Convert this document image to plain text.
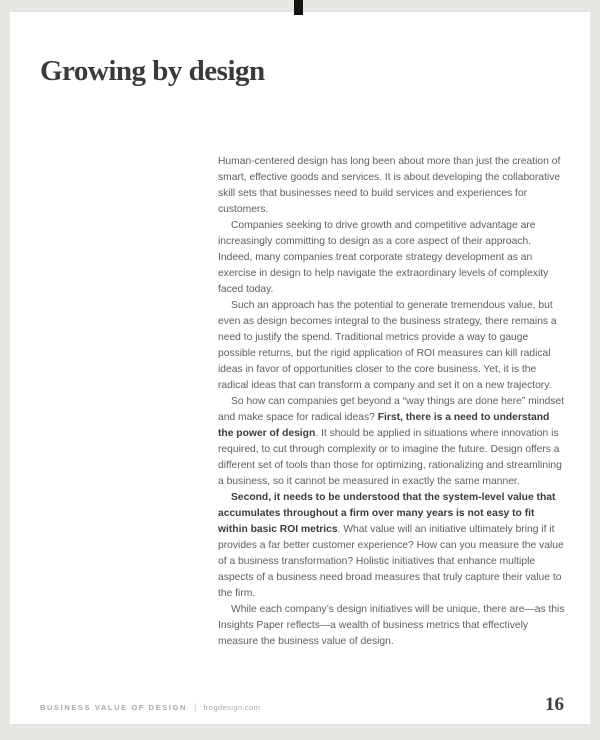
Growing by design

Human-centered design has long been about more than just the creation of smart, effective goods and services. It is about developing the collaborative skill sets that businesses need to build services and experiences for customers.

Companies seeking to drive growth and competitive advantage are increasingly committing to design as a core aspect of their approach. Indeed, many companies treat corporate strategy development as an exercise in design to help navigate the extraordinary levels of complexity faced today.

Such an approach has the potential to generate tremendous value, but even as design becomes integral to the business strategy, there remains a need to justify the spend. Traditional metrics provide a way to gauge possible returns, but the rigid application of ROI measures can kill radical ideas in favor of opportunities closer to the core business. Yet, it is the radical ideas that can transform a company and set it on a new trajectory.

So how can companies get beyond a “way things are done here” mindset and make space for radical ideas? First, there is a need to understand the power of design. It should be applied in situations where innovation is required, to cut through complexity or to imagine the future. Design offers a different set of tools than those for optimizing, rationalizing and streamlining a business, so it cannot be measured in exactly the same manner.

Second, it needs to be understood that the system-level value that accumulates throughout a firm over many years is not easy to fit within basic ROI metrics. What value will an initiative ultimately bring if it provides a far better customer experience? How can you measure the value of a business transformation? Holistic initiatives that enhance multiple aspects of a business need broad measures that truly capture their value to the firm.

While each company’s design initiatives will be unique, there are—as this Insights Paper reflects—a wealth of business metrics that effectively measure the business value of design.

BUSINESS VALUE OF DESIGN | frogdesign.com	16
